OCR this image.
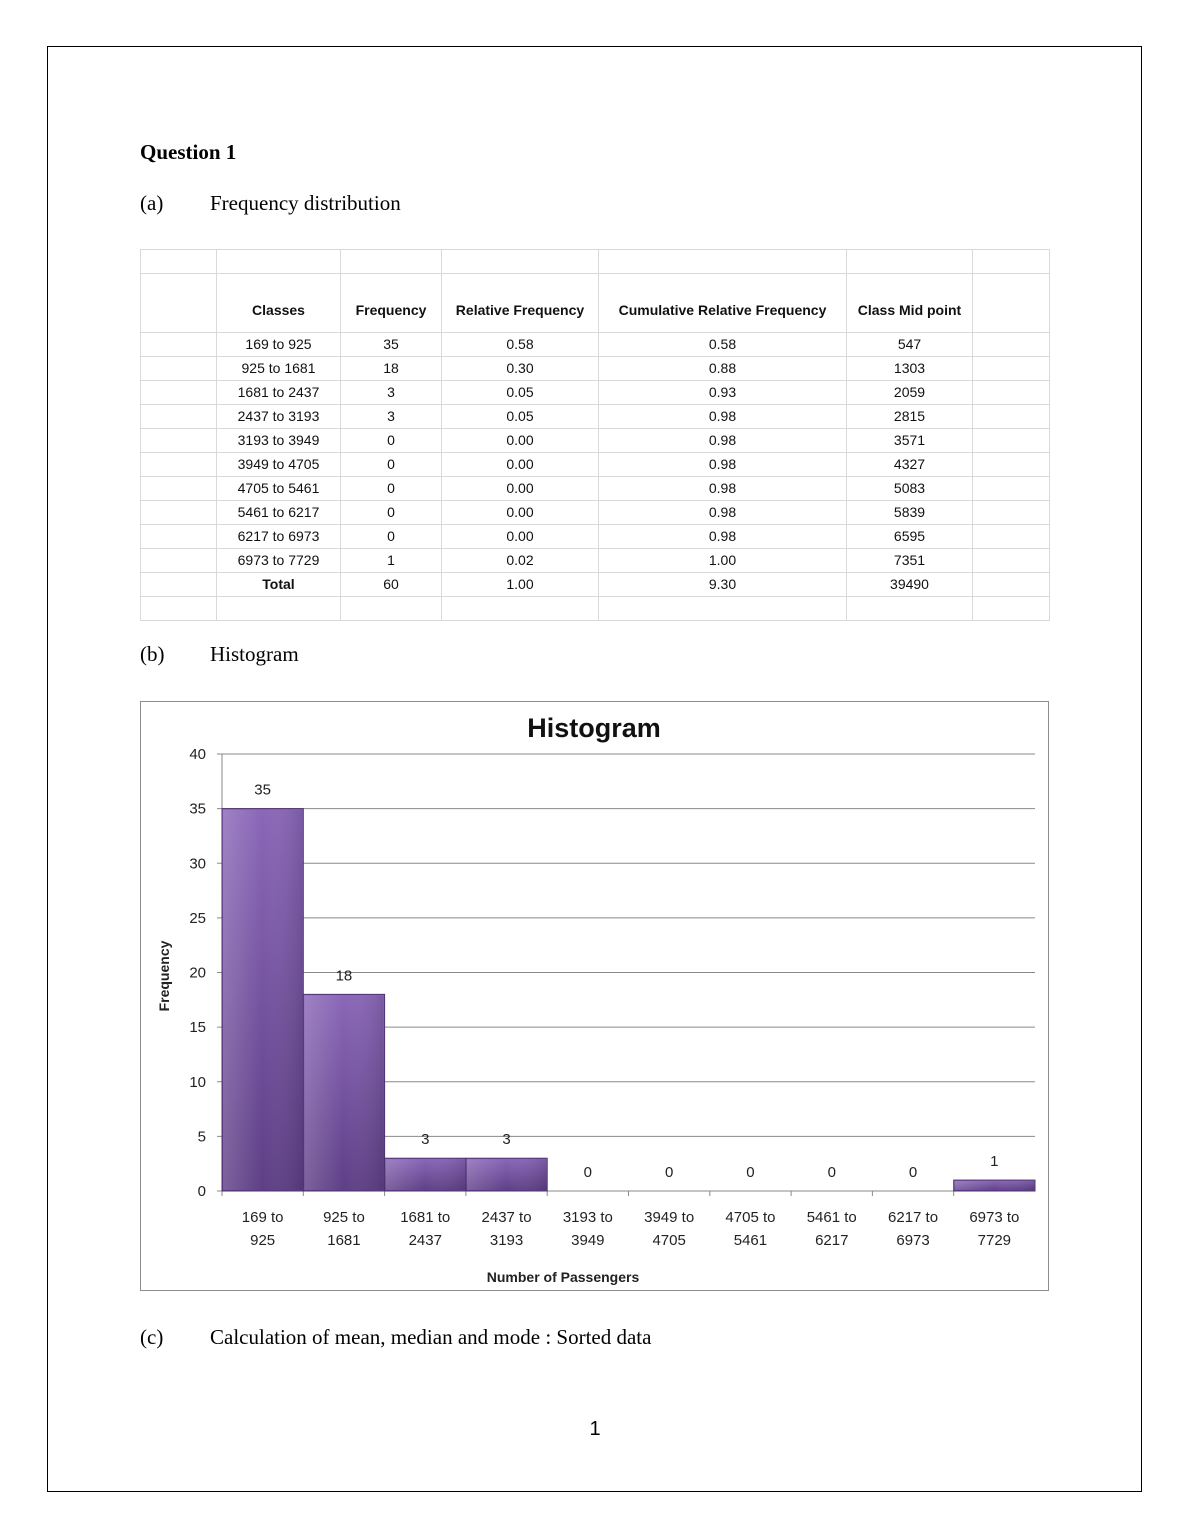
Question 1
(a) Frequency distribution

	Classes	Frequency	Relative Frequency	Cumulative Relative Frequency	Class Mid point	
	169 to 925	35	0.58	0.58	547	
	925 to 1681	18	0.30	0.88	1303	
	1681 to 2437	3	0.05	0.93	2059	
	2437 to 3193	3	0.05	0.98	2815	
	3193 to 3949	0	0.00	0.98	3571	
	3949 to 4705	0	0.00	0.98	4327	
	4705 to 5461	0	0.00	0.98	5083	
	5461 to 6217	0	0.00	0.98	5839	
	6217 to 6973	0	0.00	0.98	6595	
	6973 to 7729	1	0.02	1.00	7351	
	Total	60	1.00	9.30	39490	

(b) Histogram
Histogram
0
5
10
15
20
25
30
35
40
35
169 to
925
18
925 to
1681
3
1681 to
2437
3
2437 to
3193
0
3193 to
3949
0
3949 to
4705
0
4705 to
5461
0
5461 to
6217
0
6217 to
6973
1
6973 to
7729
Number of Passengers
Frequency
(c) Calculation of mean, median and mode : Sorted data
1
